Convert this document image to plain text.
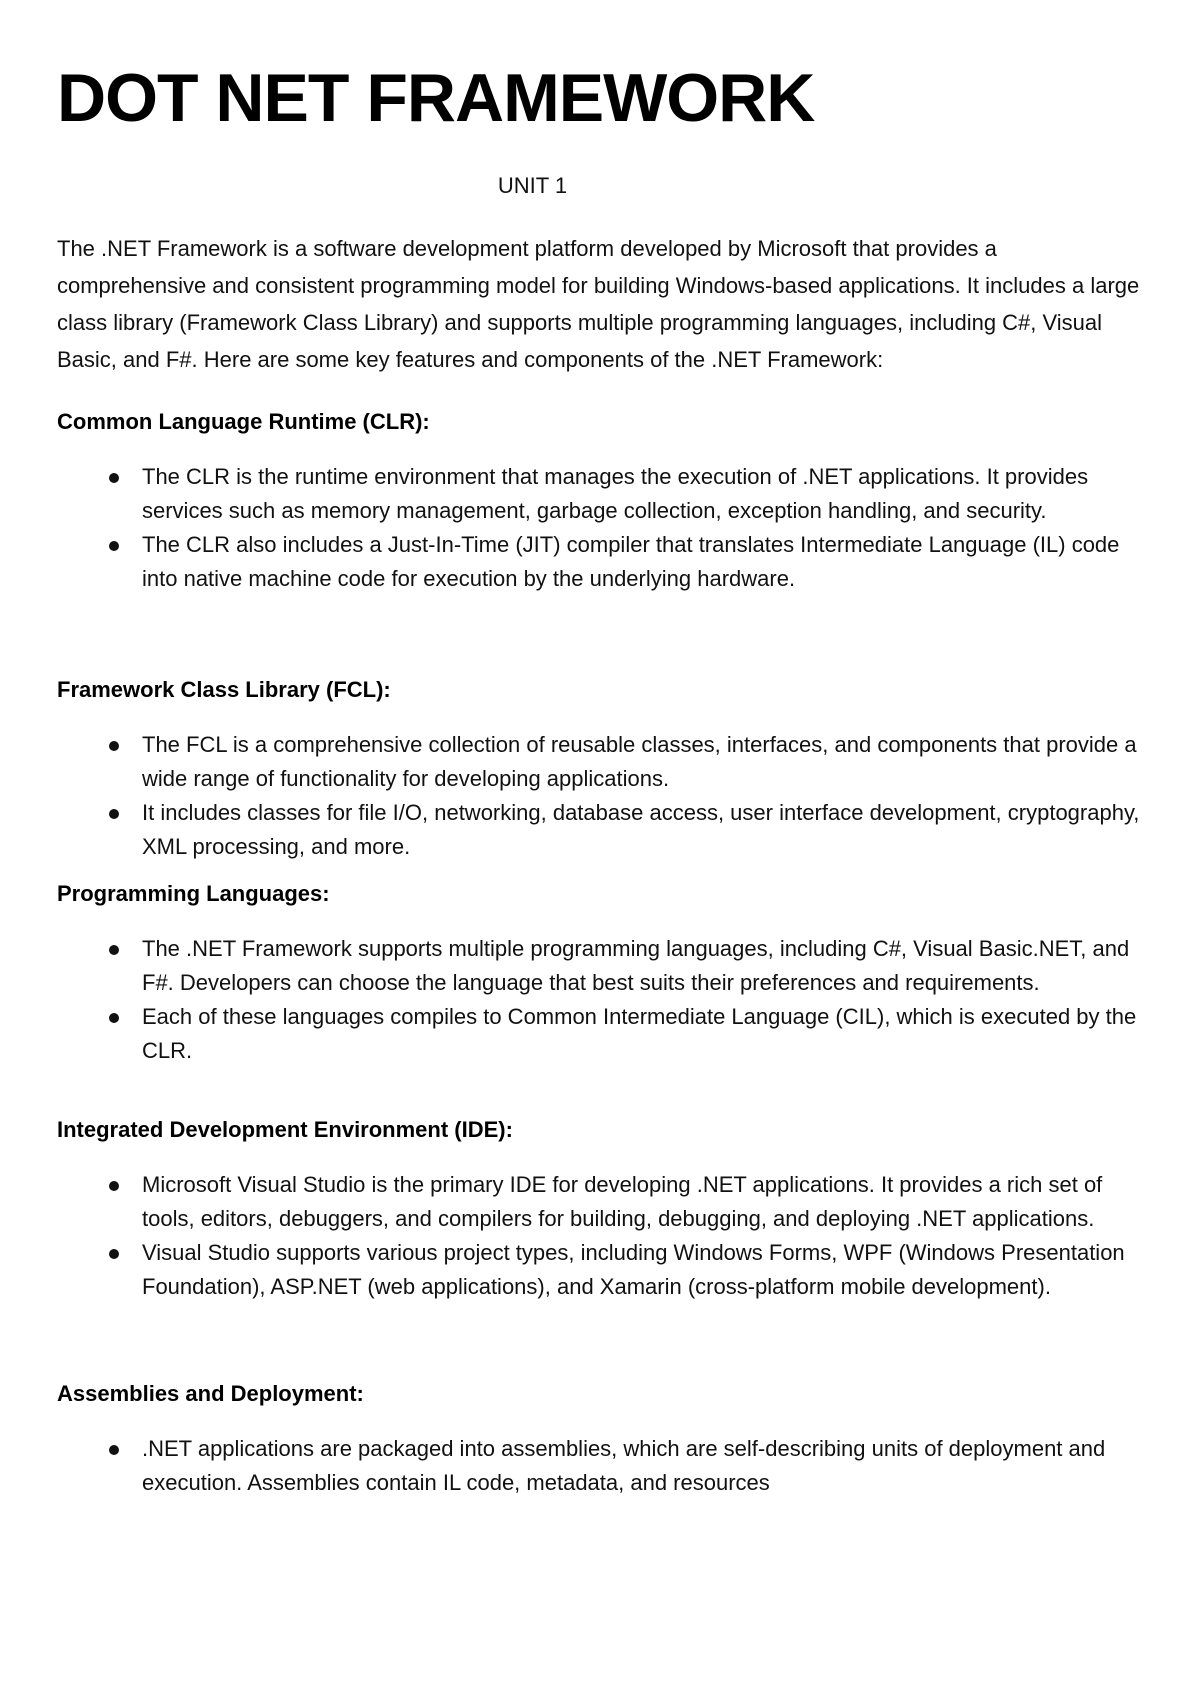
DOT NET FRAMEWORK
UNIT 1

The .NET Framework is a software development platform developed by Microsoft that provides a comprehensive and consistent programming model for building Windows-based applications. It includes a large class library (Framework Class Library) and supports multiple programming languages, including C#, Visual Basic, and F#. Here are some key features and components of the .NET Framework:

Common Language Runtime (CLR):
The CLR is the runtime environment that manages the execution of .NET applications. It provides services such as memory management, garbage collection, exception handling, and security.
The CLR also includes a Just-In-Time (JIT) compiler that translates Intermediate Language (IL) code into native machine code for execution by the underlying hardware.
Framework Class Library (FCL):
The FCL is a comprehensive collection of reusable classes, interfaces, and components that provide a wide range of functionality for developing applications.
It includes classes for file I/O, networking, database access, user interface development, cryptography, XML processing, and more.
Programming Languages:
The .NET Framework supports multiple programming languages, including C#, Visual Basic.NET, and F#. Developers can choose the language that best suits their preferences and requirements.
Each of these languages compiles to Common Intermediate Language (CIL), which is executed by the CLR.
Integrated Development Environment (IDE):
Microsoft Visual Studio is the primary IDE for developing .NET applications. It provides a rich set of tools, editors, debuggers, and compilers for building, debugging, and deploying .NET applications.
Visual Studio supports various project types, including Windows Forms, WPF (Windows Presentation Foundation), ASP.NET (web applications), and Xamarin (cross-platform mobile development).
Assemblies and Deployment:
.NET applications are packaged into assemblies, which are self-describing units of deployment and execution. Assemblies contain IL code, metadata, and resources
